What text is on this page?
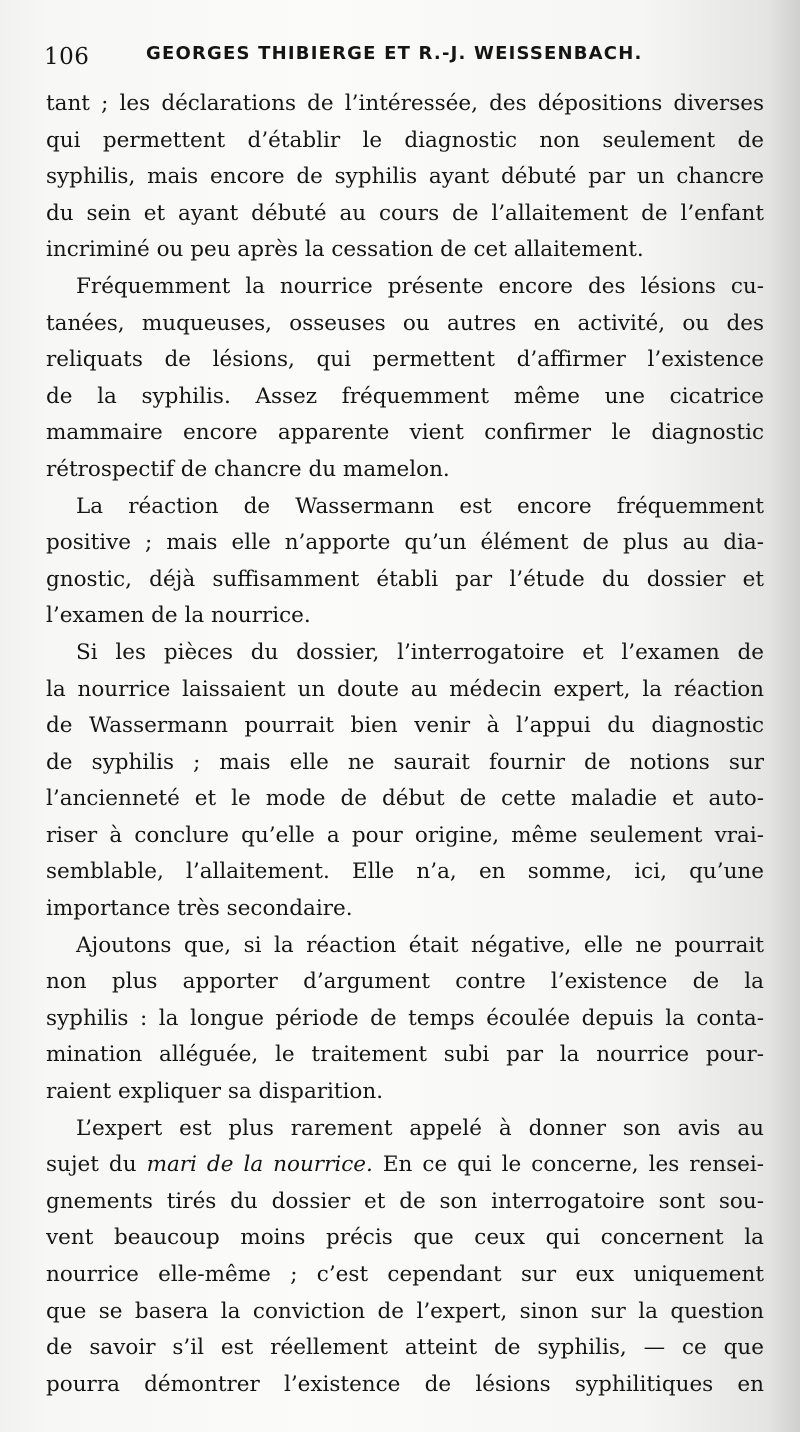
106	GEORGES THIBIERGE ET R.-J. WEISSENBACH.
tant ; les déclarations de l’intéressée, des dépositions diverses
qui permettent d’établir le diagnostic non seulement de
syphilis, mais encore de syphilis ayant débuté par un chancre
du sein et ayant débuté au cours de l’allaitement de l’enfant
incriminé ou peu après la cessation de cet allaitement.
Fréquemment la nourrice présente encore des lésions cu-
tanées, muqueuses, osseuses ou autres en activité, ou des
reliquats de lésions, qui permettent d’affirmer l’existence
de la syphilis. Assez fréquemment même une cicatrice
mammaire encore apparente vient confirmer le diagnostic
rétrospectif de chancre du mamelon.
La réaction de Wassermann est encore fréquemment
positive ; mais elle n’apporte qu’un élément de plus au dia-
gnostic, déjà suffisamment établi par l’étude du dossier et
l’examen de la nourrice.
Si les pièces du dossier, l’interrogatoire et l’examen de
la nourrice laissaient un doute au médecin expert, la réaction
de Wassermann pourrait bien venir à l’appui du diagnostic
de syphilis ; mais elle ne saurait fournir de notions sur
l’ancienneté et le mode de début de cette maladie et auto-
riser à conclure qu’elle a pour origine, même seulement vrai-
semblable, l’allaitement. Elle n’a, en somme, ici, qu’une
importance très secondaire.
Ajoutons que, si la réaction était négative, elle ne pourrait
non plus apporter d’argument contre l’existence de la
syphilis : la longue période de temps écoulée depuis la conta-
mination alléguée, le traitement subi par la nourrice pour-
raient expliquer sa disparition.
L’expert est plus rarement appelé à donner son avis au
sujet du mari de la nourrice. En ce qui le concerne, les rensei-
gnements tirés du dossier et de son interrogatoire sont sou-
vent beaucoup moins précis que ceux qui concernent la
nourrice elle-même ; c’est cependant sur eux uniquement
que se basera la conviction de l’expert, sinon sur la question
de savoir s’il est réellement atteint de syphilis, — ce que
pourra démontrer l’existence de lésions syphilitiques en
